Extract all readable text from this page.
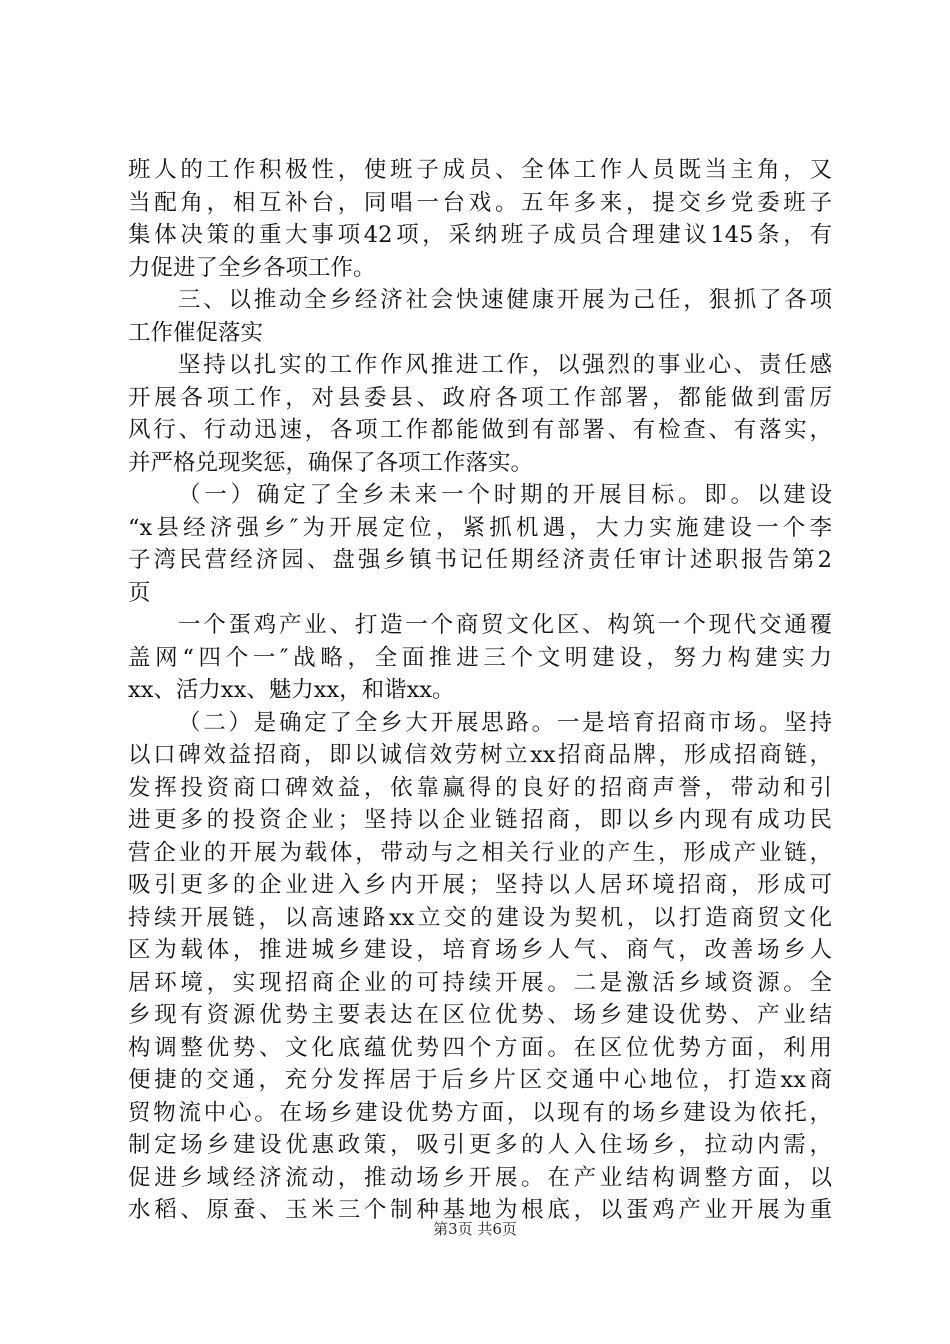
班人的工作积极性，使班子成员、全体工作人员既当主角，又
当配角，相互补台，同唱一台戏。五年多来，提交乡党委班子
集体决策的重大事项42项，采纳班子成员合理建议145条，有
力促进了全乡各项工作。
三、以推动全乡经济社会快速健康开展为己任，狠抓了各项
工作催促落实
坚持以扎实的工作作风推进工作，以强烈的事业心、责任感
开展各项工作，对县委县、政府各项工作部署，都能做到雷厉
风行、行动迅速，各项工作都能做到有部署、有检查、有落实，
并严格兑现奖惩，确保了各项工作落实。
（一）确定了全乡未来一个时期的开展目标。即。以建设
“x县经济强乡″为开展定位，紧抓机遇，大力实施建设一个李
子湾民营经济园、盘强乡镇书记任期经济责任审计述职报告第2
页
一个蛋鸡产业、打造一个商贸文化区、构筑一个现代交通覆
盖网“四个一″战略，全面推进三个文明建设，努力构建实力
xx、活力xx、魅力xx，和谐xx。
（二）是确定了全乡大开展思路。一是培育招商市场。坚持
以口碑效益招商，即以诚信效劳树立xx招商品牌，形成招商链，
发挥投资商口碑效益，依靠赢得的良好的招商声誉，带动和引
进更多的投资企业；坚持以企业链招商，即以乡内现有成功民
营企业的开展为载体，带动与之相关行业的产生，形成产业链，
吸引更多的企业进入乡内开展；坚持以人居环境招商，形成可
持续开展链，以高速路xx立交的建设为契机，以打造商贸文化
区为载体，推进城乡建设，培育场乡人气、商气，改善场乡人
居环境，实现招商企业的可持续开展。二是激活乡域资源。全
乡现有资源优势主要表达在区位优势、场乡建设优势、产业结
构调整优势、文化底蕴优势四个方面。在区位优势方面，利用
便捷的交通，充分发挥居于后乡片区交通中心地位，打造xx商
贸物流中心。在场乡建设优势方面，以现有的场乡建设为依托，
制定场乡建设优惠政策，吸引更多的人入住场乡，拉动内需，
促进乡域经济流动，推动场乡开展。在产业结构调整方面，以
水稻、原蚕、玉米三个制种基地为根底，以蛋鸡产业开展为重
第3页 共6页
